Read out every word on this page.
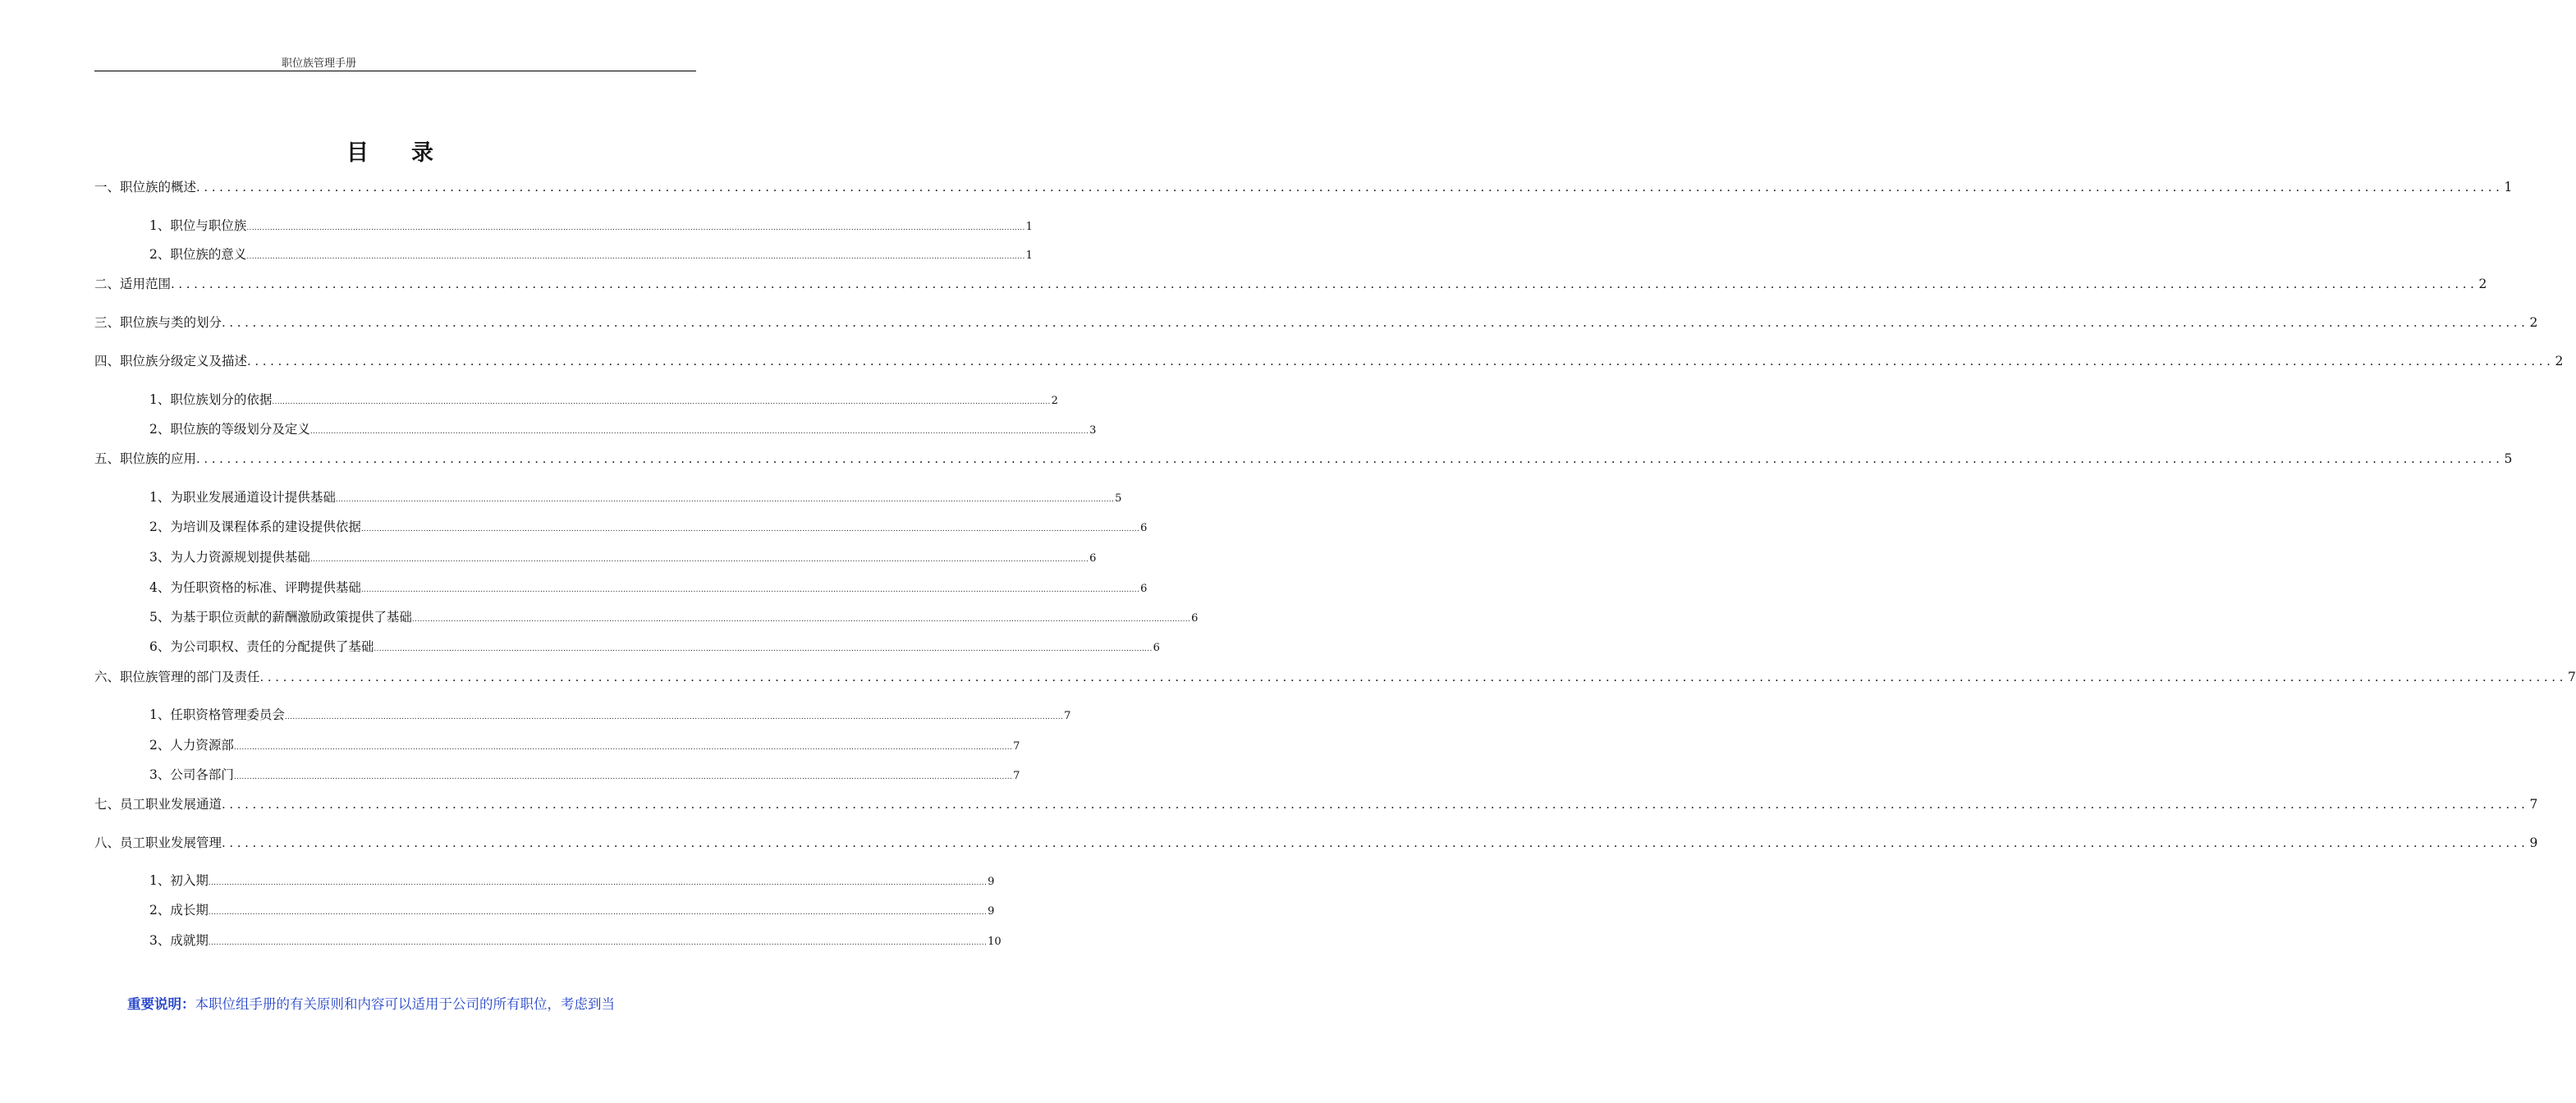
职位族管理手册
目 录
一、职位族的概述 ............................................................................................................................................................................................................................................................................................................ 1
1、职位与职位族 ............................................................................................................................................................................................................................................................................................................ 1
2、职位族的意义 ............................................................................................................................................................................................................................................................................................................ 1
二、适用范围 ............................................................................................................................................................................................................................................................................................................ 2
三、职位族与类的划分 ............................................................................................................................................................................................................................................................................................................ 2
四、职位族分级定义及描述 ............................................................................................................................................................................................................................................................................................................ 2
1、职位族划分的依据 ............................................................................................................................................................................................................................................................................................................ 2
2、职位族的等级划分及定义 ............................................................................................................................................................................................................................................................................................................ 3
五、职位族的应用 ............................................................................................................................................................................................................................................................................................................ 5
1、为职业发展通道设计提供基础 ............................................................................................................................................................................................................................................................................................................ 5
2、为培训及课程体系的建设提供依据 ............................................................................................................................................................................................................................................................................................................ 6
3、为人力资源规划提供基础 ............................................................................................................................................................................................................................................................................................................ 6
4、为任职资格的标准、评聘提供基础 ............................................................................................................................................................................................................................................................................................................ 6
5、为基于职位贡献的薪酬激励政策提供了基础 ............................................................................................................................................................................................................................................................................................................ 6
6、为公司职权、责任的分配提供了基础 ............................................................................................................................................................................................................................................................................................................ 6
六、职位族管理的部门及责任 ............................................................................................................................................................................................................................................................................................................ 7
1、任职资格管理委员会 ............................................................................................................................................................................................................................................................................................................ 7
2、人力资源部 ............................................................................................................................................................................................................................................................................................................ 7
3、公司各部门 ............................................................................................................................................................................................................................................................................................................ 7
七、员工职业发展通道 ............................................................................................................................................................................................................................................................................................................ 7
八、员工职业发展管理 ............................................................................................................................................................................................................................................................................................................ 9
1、初入期 ............................................................................................................................................................................................................................................................................................................ 9
2、成长期 ............................................................................................................................................................................................................................................................................................................ 9
3、成就期 ............................................................................................................................................................................................................................................................................................................ 10
重要说明：本职位组手册的有关原则和内容可以适用于公司的所有职位，考虑到当
